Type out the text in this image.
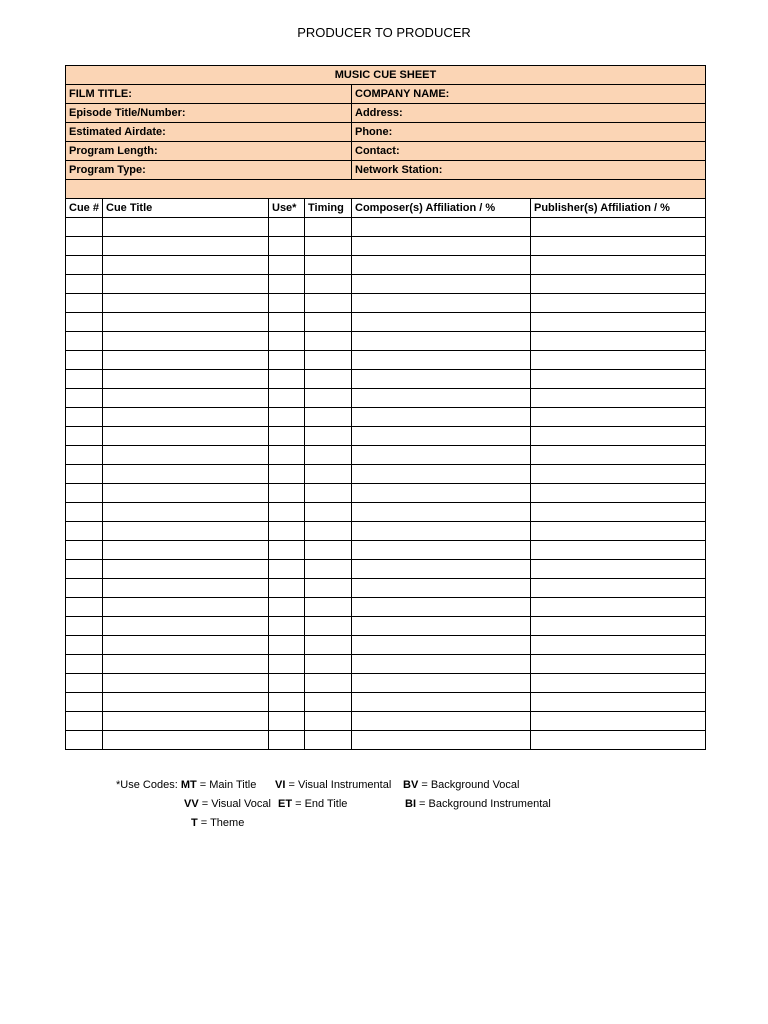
PRODUCER TO PRODUCER
MUSIC CUE SHEET					
FILM TITLE:				COMPANY NAME:	
Episode Title/Number:				Address:	
Estimated Airdate:				Phone:	
Program Length:				Contact:	
Program Type:				Network Station:	

Cue #	Cue Title	Use*	Timing	Composer(s) Affiliation / %	Publisher(s) Affiliation / %

*Use Codes: MT = Main Title VI = Visual Instrumental BV = Background Vocal
VV = Visual Vocal ET = End Title	BI = Background Instrumental
T = Theme
